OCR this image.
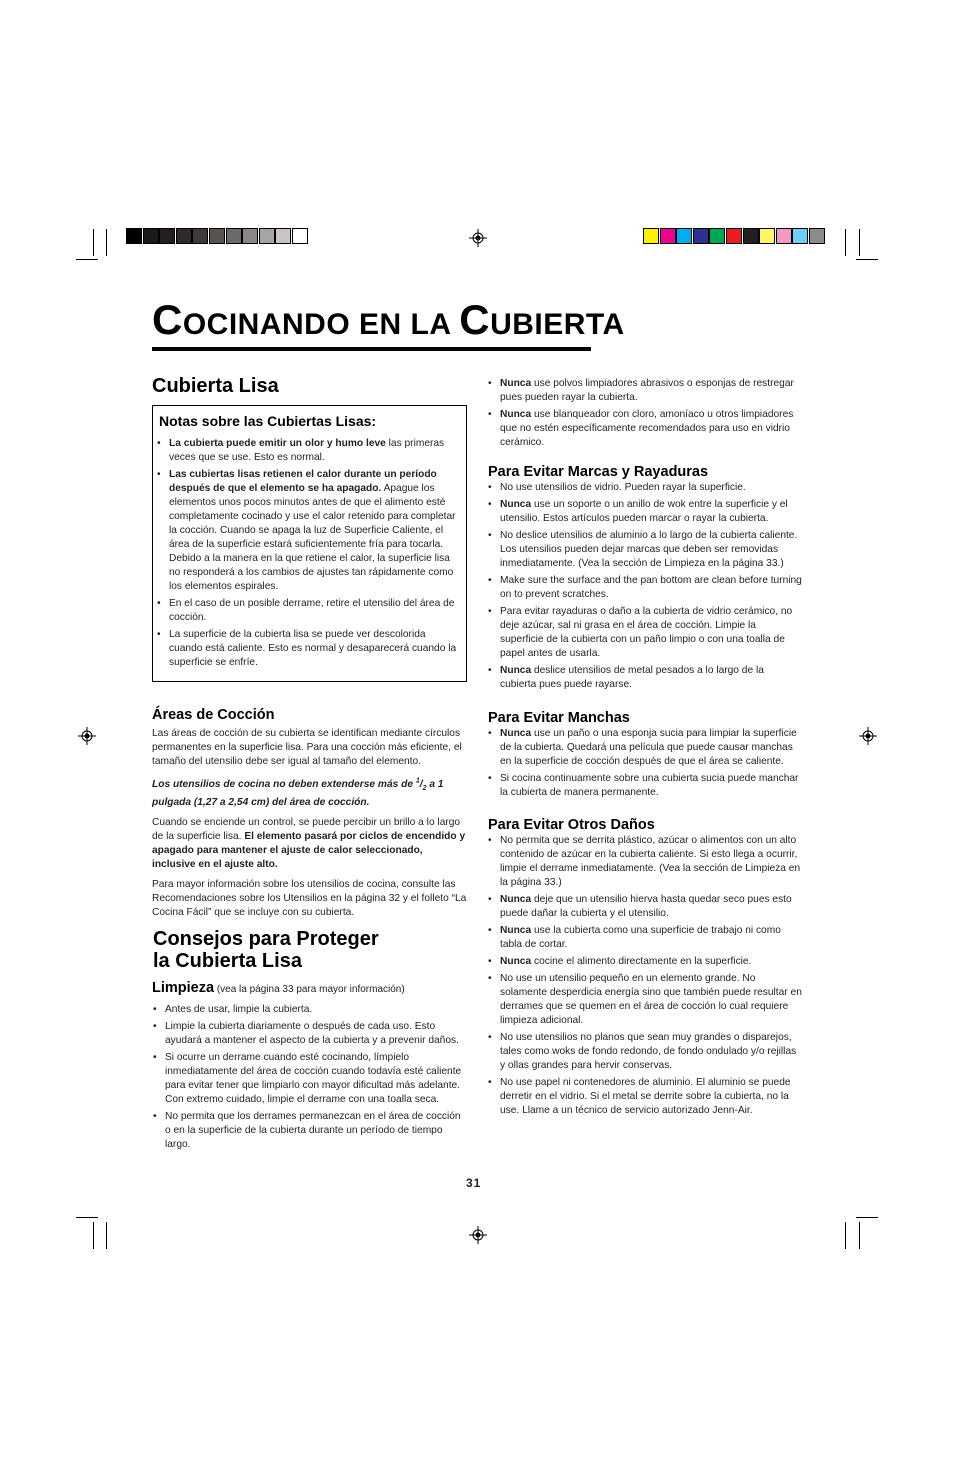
COCINANDO EN LA CUBIERTA
Cubierta Lisa
Notas sobre las Cubiertas Lisas:
• La cubierta puede emitir un olor y humo leve las primeras veces que se use. Esto es normal.
• Las cubiertas lisas retienen el calor durante un período después de que el elemento se ha apagado. Apague los elementos unos pocos minutos antes de que el alimento esté completamente cocinado y use el calor retenido para completar la cocción. Cuando se apaga la luz de Superficie Caliente, el área de la superficie estará suficientemente fría para tocarla. Debido a la manera en la que retiene el calor, la superficie lisa no responderá a los cambios de ajustes tan rápidamente como los elementos espirales.
• En el caso de un posible derrame, retire el utensilio del área de cocción.
• La superficie de la cubierta lisa se puede ver descolorida cuando está caliente. Esto es normal y desaparecerá cuando la superficie se enfríe.
Áreas de Cocción

Las áreas de cocción de su cubierta se identifican mediante círculos permanentes en la superficie lisa. Para una cocción más eficiente, el tamaño del utensilio debe ser igual al tamaño del elemento.

Los utensilios de cocina no deben extenderse más de $^1/_2$ a 1 pulgada (1,27 a 2,54 cm) del área de cocción.

Cuando se enciende un control, se puede percibir un brillo a lo largo de la superficie lisa. El elemento pasará por ciclos de encendido y apagado para mantener el ajuste de calor seleccionado, inclusive en el ajuste alto.

Para mayor información sobre los utensilios de cocina, consulte las Recomendaciones sobre los Utensilios en la página 32 y el folleto “La Cocina Fácil” que se incluye con su cubierta.

Consejos para Proteger
la Cubierta Lisa
Limpieza (vea la página 33 para mayor información)
• Antes de usar, limpie la cubierta.
• Limpie la cubierta diariamente o después de cada uso. Esto ayudará a mantener el aspecto de la cubierta y a prevenir daños.
• Si ocurre un derrame cuando esté cocinando, límpielo inmediatamente del área de cocción cuando todavía esté caliente para evitar tener que limpiarlo con mayor dificultad más adelante. Con extremo cuidado, limpie el derrame con una toalla seca.
• No permita que los derrames permanezcan en el área de cocción o en la superficie de la cubierta durante un período de tiempo largo.
• Nunca use polvos limpiadores abrasivos o esponjas de restregar pues pueden rayar la cubierta.
• Nunca use blanqueador con cloro, amoníaco u otros limpiadores que no estén específicamente recomendados para uso en vidrio cerámico.
Para Evitar Marcas y Rayaduras
• No use utensilios de vidrio. Pueden rayar la superficie.
• Nunca use un soporte o un anillo de wok entre la superficie y el utensilio. Estos artículos pueden marcar o rayar la cubierta.
• No deslice utensilios de aluminio a lo largo de la cubierta caliente. Los utensilios pueden dejar marcas que deben ser removidas inmediatamente. (Vea la sección de Limpieza en la página 33.)
• Make sure the surface and the pan bottom are clean before turning on to prevent scratches.
• Para evitar rayaduras o daño a la cubierta de vidrio cerámico, no deje azúcar, sal ni grasa en el área de cocción. Limpie la superficie de la cubierta con un paño limpio o con una toalla de papel antes de usarla.
• Nunca deslice utensilios de metal pesados a lo largo de la cubierta pues puede rayarse.
Para Evitar Manchas
• Nunca use un paño o una esponja sucia para limpiar la superficie de la cubierta. Quedará una película que puede causar manchas en la superficie de cocción después de que el área se caliente.
• Si cocina continuamente sobre una cubierta sucia puede manchar la cubierta de manera permanente.
Para Evitar Otros Daños
• No permita que se derrita plástico, azúcar o alimentos con un alto contenido de azúcar en la cubierta caliente. Si esto llega a ocurrir, limpie el derrame inmediatamente. (Vea la sección de Limpieza en la página 33.)
• Nunca deje que un utensilio hierva hasta quedar seco pues esto puede dañar la cubierta y el utensilio.
• Nunca use la cubierta como una superficie de trabajo ni como tabla de cortar.
• Nunca cocine el alimento directamente en la superficie.
• No use un utensilio pequeño en un elemento grande. No solamente desperdicia energía sino que también puede resultar en derrames que se quemen en el área de cocción lo cual requiere limpieza adicional.
• No use utensilios no planos que sean muy grandes o disparejos, tales como woks de fondo redondo, de fondo ondulado y/o rejillas y ollas grandes para hervir conservas.
• No use papel ni contenedores de aluminio. El aluminio se puede derretir en el vidrio. Si el metal se derrite sobre la cubierta, no la use. Llame a un técnico de servicio autorizado Jenn-Air.
31
